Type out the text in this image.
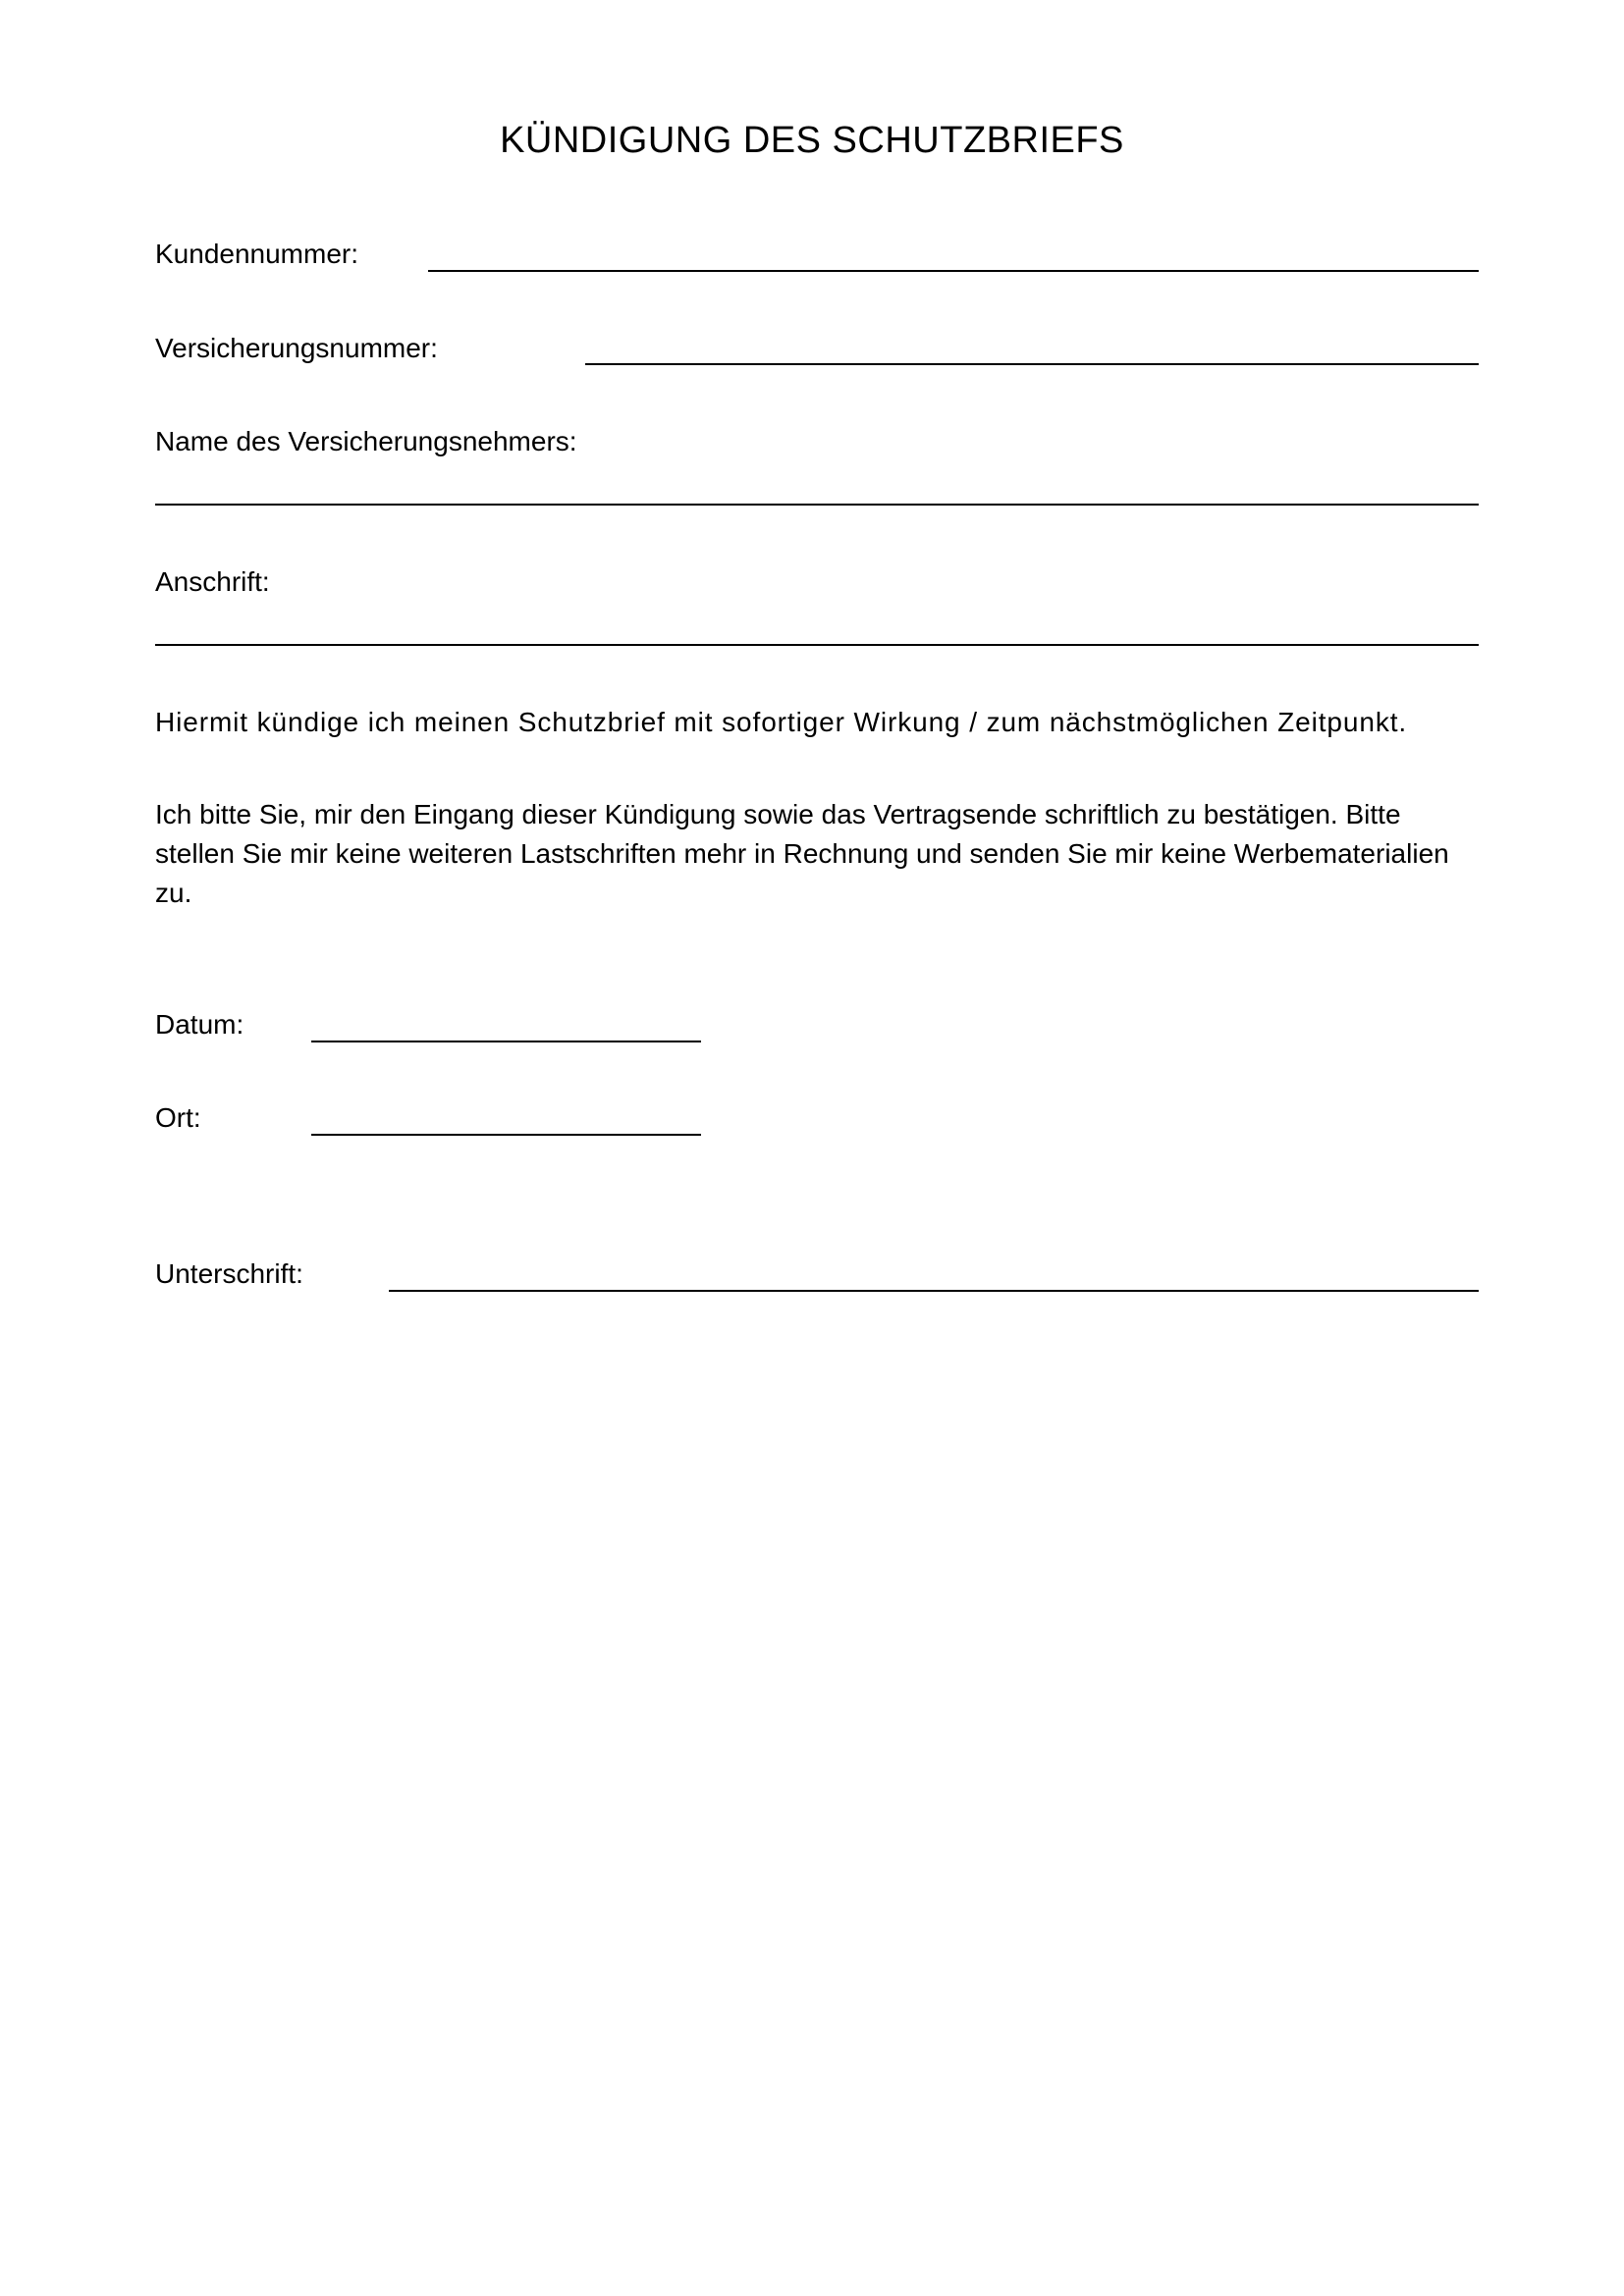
KÜNDIGUNG DES SCHUTZBRIEFS
Kundennummer:
Versicherungsnummer:
Name des Versicherungsnehmers:
Anschrift:
Hiermit kündige ich meinen Schutzbrief mit sofortiger Wirkung / zum nächstmöglichen Zeitpunkt.
Ich bitte Sie, mir den Eingang dieser Kündigung sowie das Vertragsende schriftlich zu bestätigen. Bitte stellen Sie mir keine weiteren Lastschriften mehr in Rechnung und senden Sie mir keine Werbematerialien zu.
Datum:
Ort:
Unterschrift:
